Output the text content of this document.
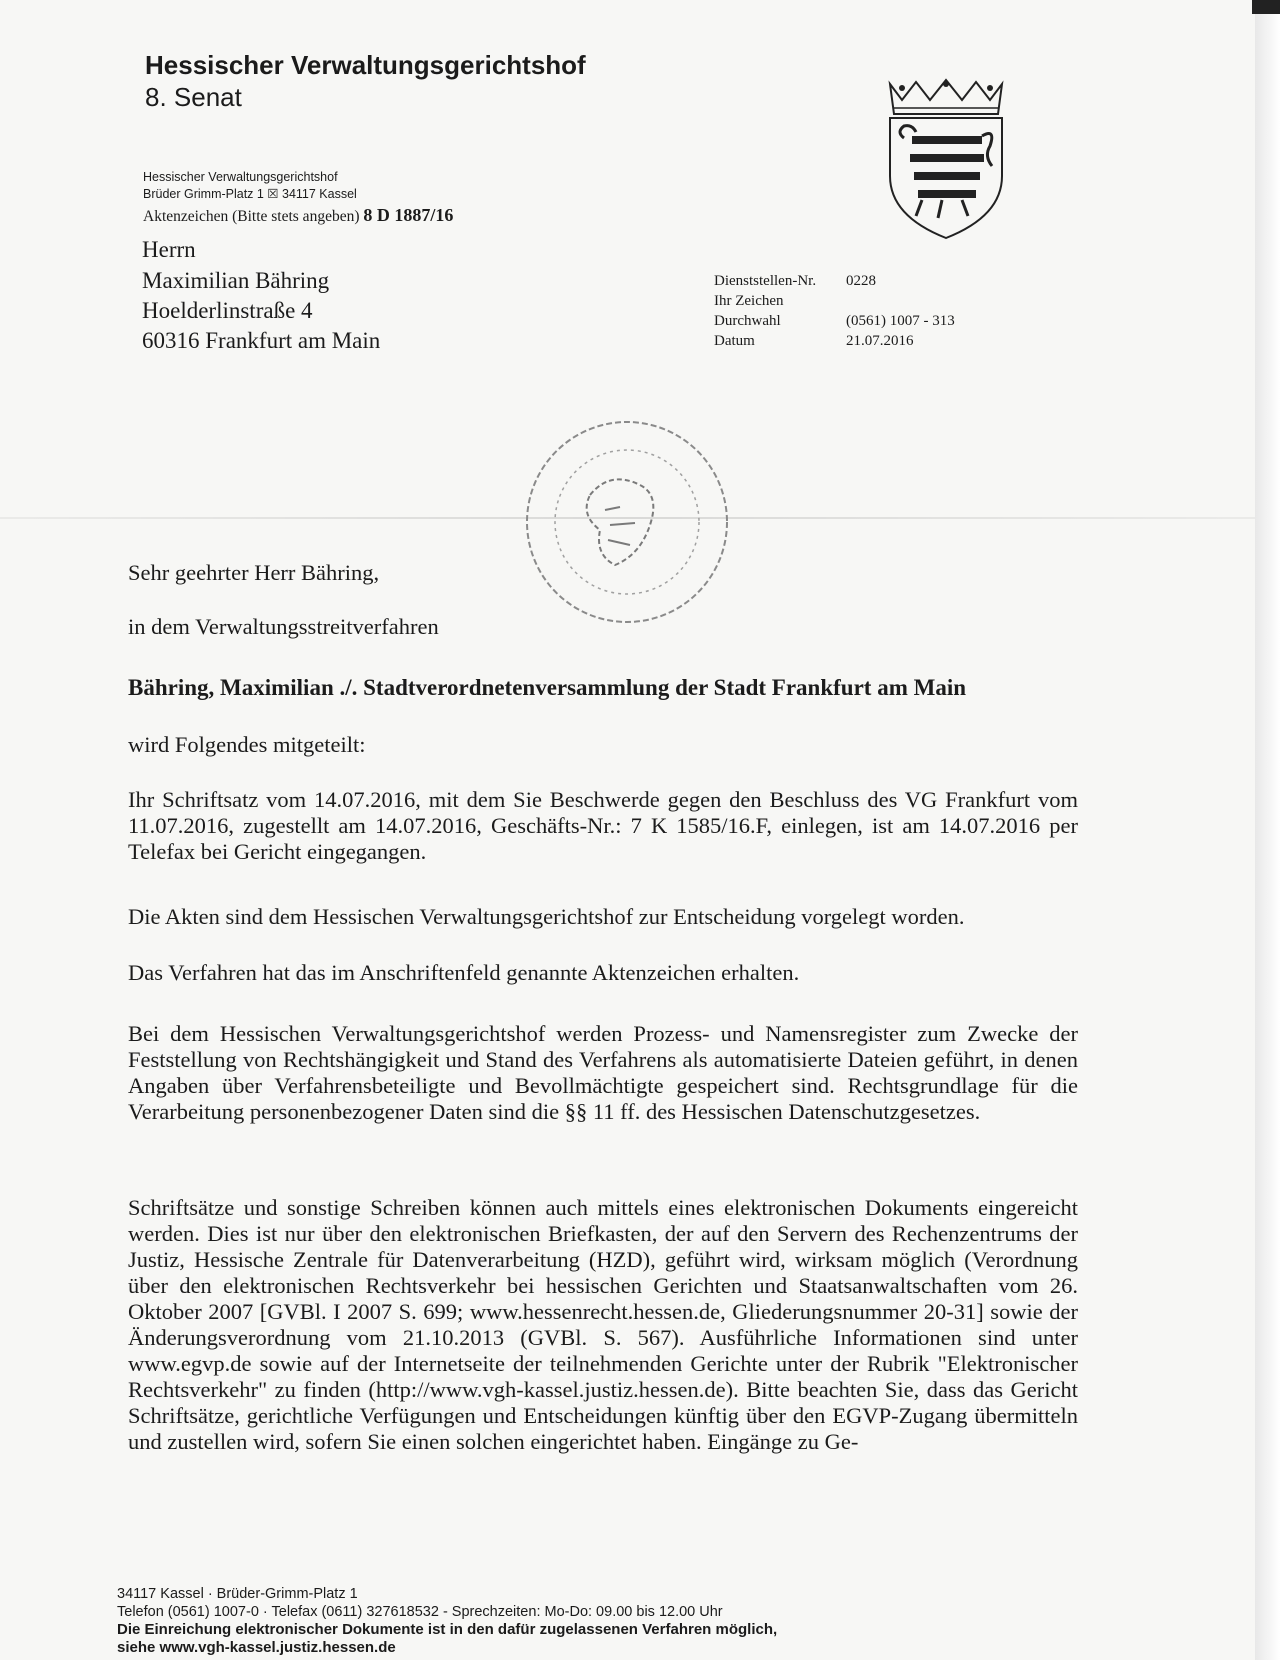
Hessischer Verwaltungsgerichtshof
8. Senat
Hessischer Verwaltungsgerichtshof
Brüder Grimm-Platz 1 ☒ 34117 Kassel
Aktenzeichen (Bitte stets angeben) 8 D 1887/16
Herrn
Maximilian Bähring
Hoelderlinstraße 4
60316 Frankfurt am Main
Dienststellen-Nr. 0228
Ihr Zeichen
Durchwahl	(0561) 1007 - 313
Datum	21.07.2016
Sehr geehrter Herr Bähring,
in dem Verwaltungsstreitverfahren
Bähring, Maximilian ./. Stadtverordnetenversammlung der Stadt Frankfurt am Main
wird Folgendes mitgeteilt:
Ihr Schriftsatz vom 14.07.2016, mit dem Sie Beschwerde gegen den Beschluss des VG Frankfurt vom 11.07.2016, zugestellt am 14.07.2016, Geschäfts-Nr.: 7 K 1585/16.F, einlegen, ist am 14.07.2016 per Telefax bei Gericht eingegangen.
Die Akten sind dem Hessischen Verwaltungsgerichtshof zur Entscheidung vorgelegt worden.
Das Verfahren hat das im Anschriftenfeld genannte Aktenzeichen erhalten.
Bei dem Hessischen Verwaltungsgerichtshof werden Prozess- und Namensregister zum Zwecke der Feststellung von Rechtshängigkeit und Stand des Verfahrens als automatisierte Dateien geführt, in denen Angaben über Verfahrensbeteiligte und Bevollmächtigte gespeichert sind. Rechtsgrundlage für die Verarbeitung personenbezogener Daten sind die §§ 11 ff. des Hessischen Datenschutzgesetzes.
Schriftsätze und sonstige Schreiben können auch mittels eines elektronischen Dokuments eingereicht werden. Dies ist nur über den elektronischen Briefkasten, der auf den Servern des Rechenzentrums der Justiz, Hessische Zentrale für Datenverarbeitung (HZD), geführt wird, wirksam möglich (Verordnung über den elektronischen Rechtsverkehr bei hessischen Gerichten und Staatsanwaltschaften vom 26. Oktober 2007 [GVBl. I 2007 S. 699; www.hessenrecht.hessen.de, Gliederungsnummer 20-31] sowie der Änderungsverordnung vom 21.10.2013 (GVBl. S. 567). Ausführliche Informationen sind unter www.egvp.de sowie auf der Internetseite der teilnehmenden Gerichte unter der Rubrik "Elektronischer Rechtsverkehr" zu finden (http://www.vgh-kassel.justiz.hessen.de). Bitte beachten Sie, dass das Gericht Schriftsätze, gerichtliche Verfügungen und Entscheidungen künftig über den EGVP-Zugang übermitteln und zustellen wird, sofern Sie einen solchen eingerichtet haben. Eingänge zu Ge-
34117 Kassel · Brüder-Grimm-Platz 1
Telefon (0561) 1007-0 · Telefax (0611) 327618532 - Sprechzeiten: Mo-Do: 09.00 bis 12.00 Uhr
Die Einreichung elektronischer Dokumente ist in den dafür zugelassenen Verfahren möglich,
siehe www.vgh-kassel.justiz.hessen.de
